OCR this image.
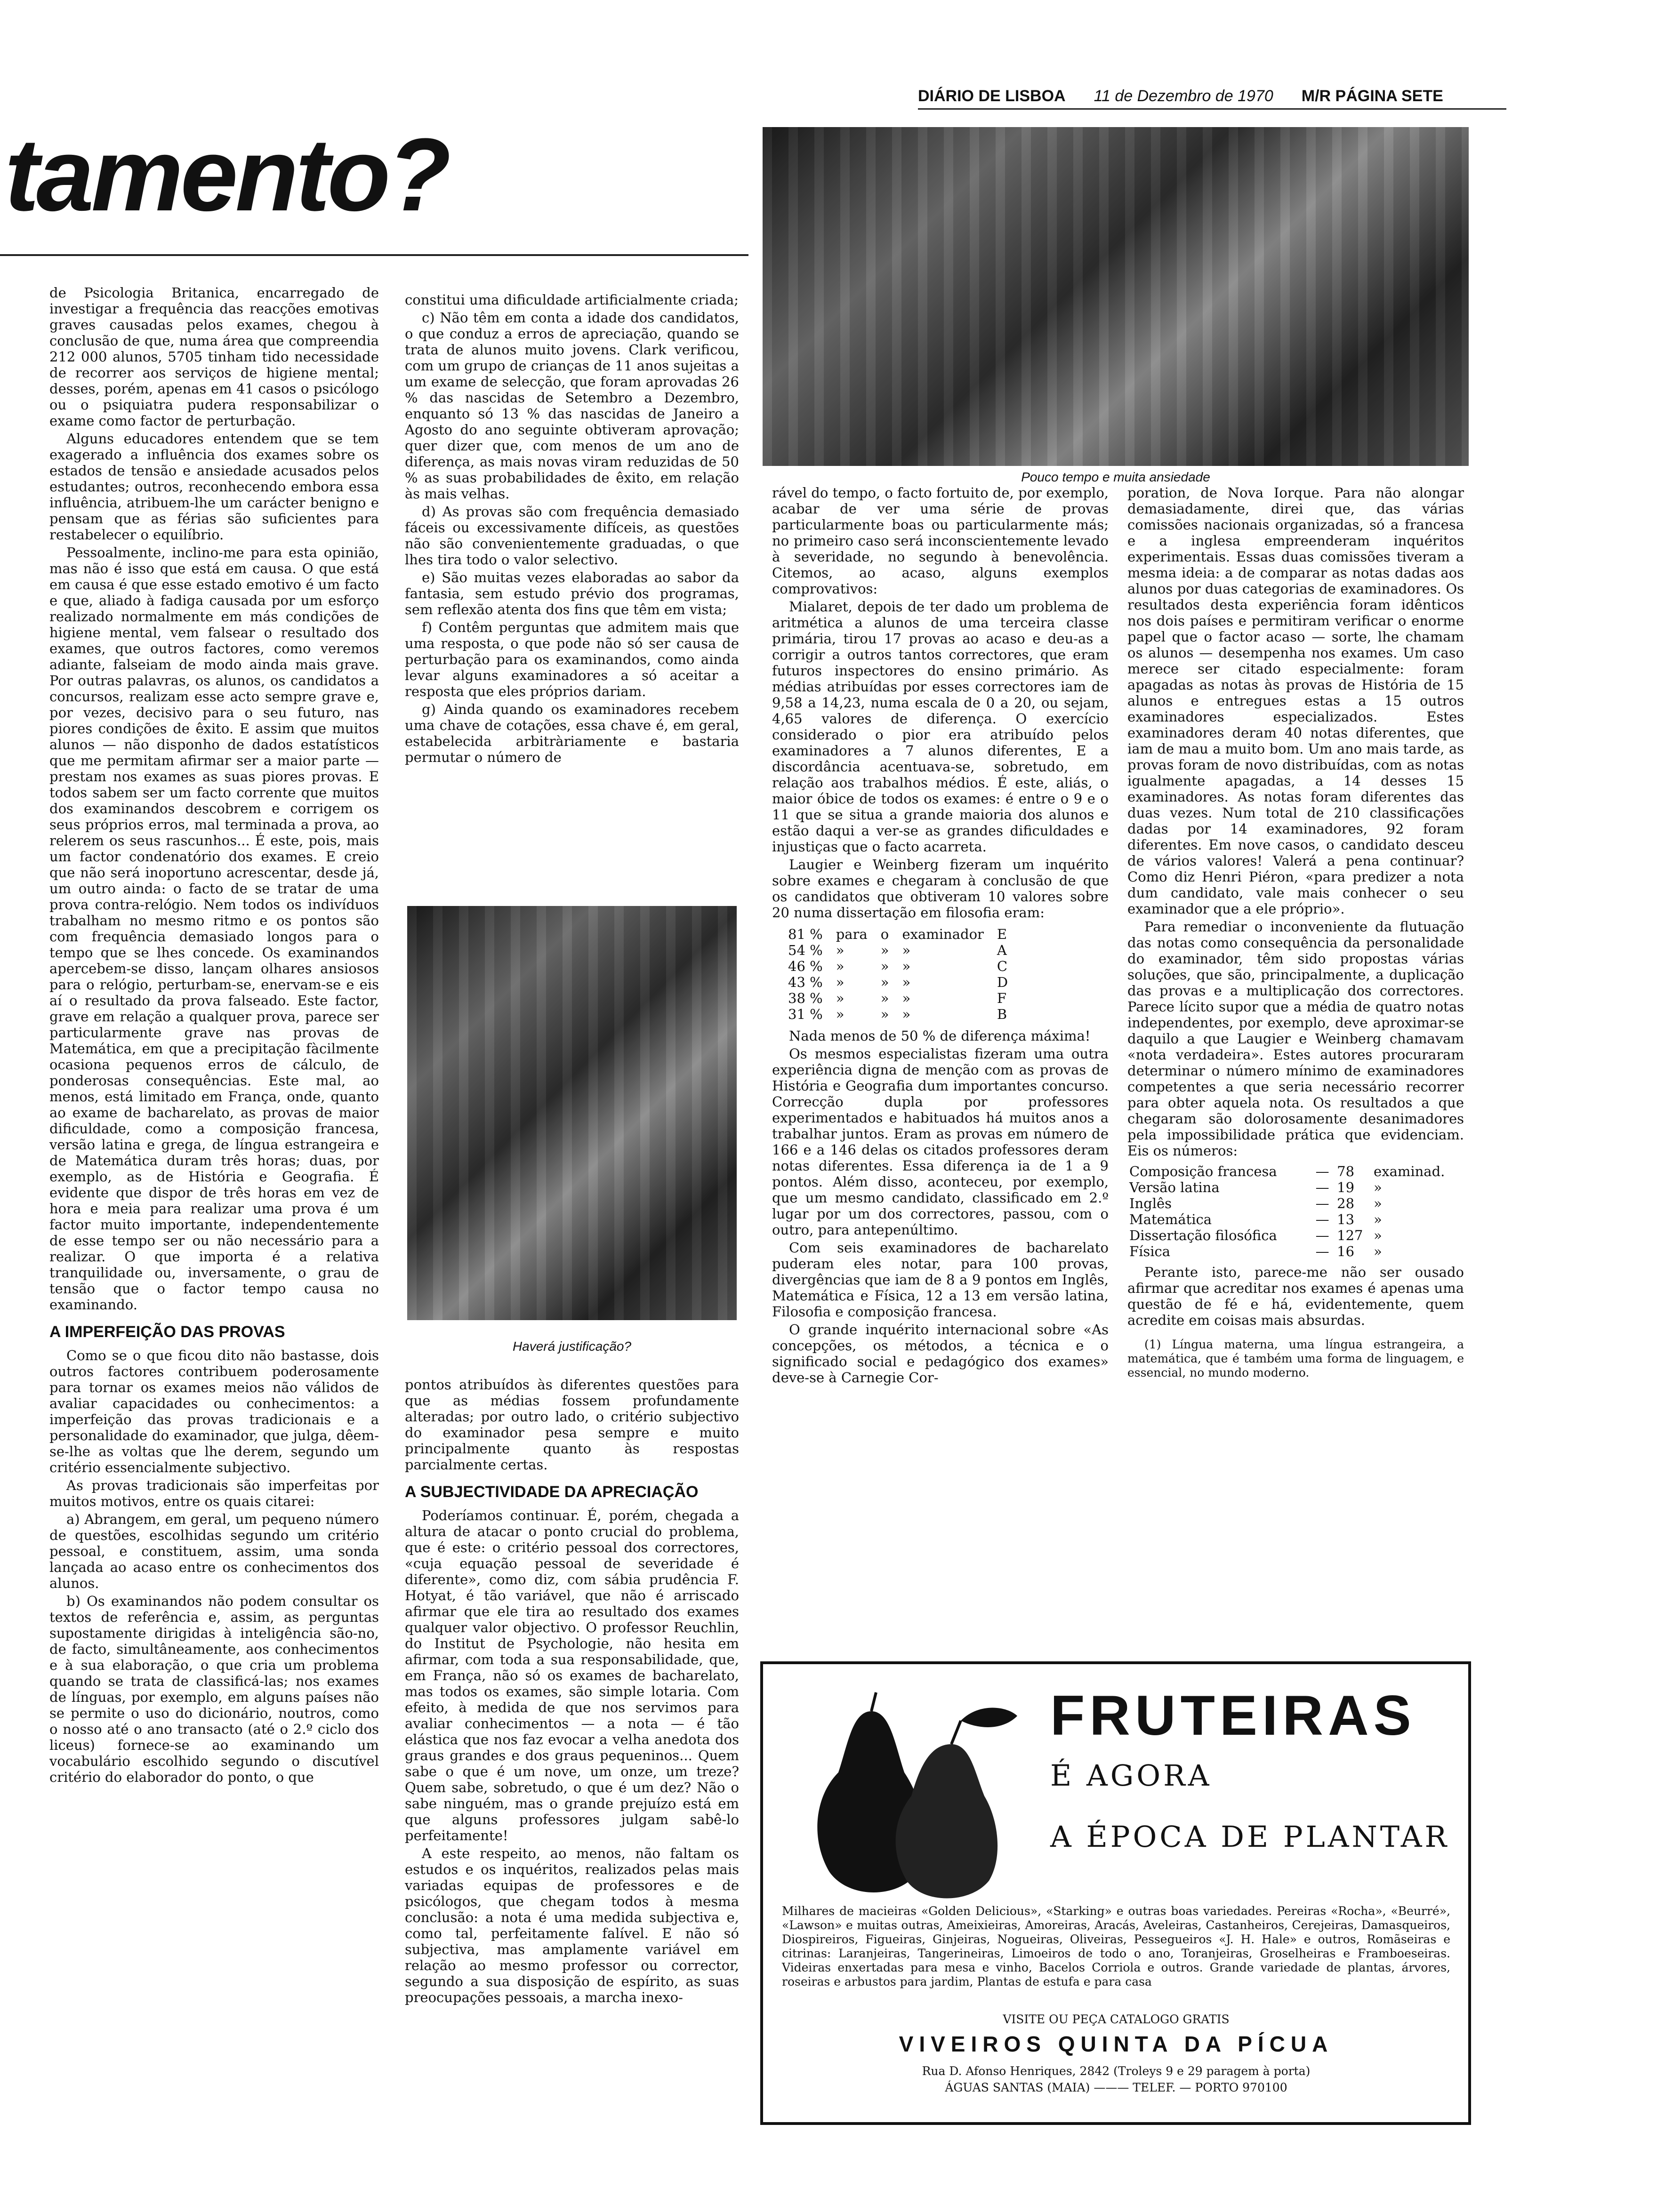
DIÁRIO DE LISBOA 11 de Dezembro de 1970 M/R PÁGINA SETE
tamento?
Pouco tempo e muita ansiedade

de Psicologia Britanica, encarregado de investigar a frequência das reacções emotivas graves causadas pelos exames, chegou à conclusão de que, numa área que compreendia 212 000 alunos, 5705 tinham tido necessidade de recorrer aos serviços de higiene mental; desses, porém, apenas em 41 casos o psicólogo ou o psiquiatra pudera responsabilizar o exame como factor de perturbação.

Alguns educadores entendem que se tem exagerado a influência dos exames sobre os estados de tensão e ansiedade acusados pelos estudantes; outros, reconhecendo embora essa influência, atribuem-lhe um carácter benigno e pensam que as férias são suficientes para restabelecer o equilíbrio.

Pessoalmente, inclino-me para esta opinião, mas não é isso que está em causa. O que está em causa é que esse estado emotivo é um facto e que, aliado à fadiga causada por um esforço realizado normalmente em más condições de higiene mental, vem falsear o resultado dos exames, que outros factores, como veremos adiante, falseiam de modo ainda mais grave. Por outras palavras, os alunos, os candidatos a concursos, realizam esse acto sempre grave e, por vezes, decisivo para o seu futuro, nas piores condições de êxito. E assim que muitos alunos — não disponho de dados estatísticos que me permitam afirmar ser a maior parte — prestam nos exames as suas piores provas. E todos sabem ser um facto corrente que muitos dos examinandos descobrem e corrigem os seus próprios erros, mal terminada a prova, ao relerem os seus rascunhos... É este, pois, mais um factor condenatório dos exames. E creio que não será inoportuno acrescentar, desde já, um outro ainda: o facto de se tratar de uma prova contra-relógio. Nem todos os indivíduos trabalham no mesmo ritmo e os pontos são com frequência demasiado longos para o tempo que se lhes concede. Os examinandos apercebem-se disso, lançam olhares ansiosos para o relógio, perturbam-se, enervam-se e eis aí o resultado da prova falseado. Este factor, grave em relação a qualquer prova, parece ser particularmente grave nas provas de Matemática, em que a precipitação fàcilmente ocasiona pequenos erros de cálculo, de ponderosas consequências. Este mal, ao menos, está limitado em França, onde, quanto ao exame de bacharelato, as provas de maior dificuldade, como a composição francesa, versão latina e grega, de língua estrangeira e de Matemática duram três horas; duas, por exemplo, as de História e Geografia. É evidente que dispor de três horas em vez de hora e meia para realizar uma prova é um factor muito importante, independentemente de esse tempo ser ou não necessário para a realizar. O que importa é a relativa tranquilidade ou, inversamente, o grau de tensão que o factor tempo causa no examinando.

A IMPERFEIÇÃO DAS PROVAS

Como se o que ficou dito não bastasse, dois outros factores contribuem poderosamente para tornar os exames meios não válidos de avaliar capacidades ou conhecimentos: a imperfeição das provas tradicionais e a personalidade do examinador, que julga, dêem-se-lhe as voltas que lhe derem, segundo um critério essencialmente subjectivo.

As provas tradicionais são imperfeitas por muitos motivos, entre os quais citarei:

a) Abrangem, em geral, um pequeno número de questões, escolhidas segundo um critério pessoal, e constituem, assim, uma sonda lançada ao acaso entre os conhecimentos dos alunos.

b) Os examinandos não podem consultar os textos de referência e, assim, as perguntas supostamente dirigidas à inteligência são-no, de facto, simultâneamente, aos conhecimentos e à sua elaboração, o que cria um problema quando se trata de classificá-las; nos exames de línguas, por exemplo, em alguns países não se permite o uso do dicionário, noutros, como o nosso até o ano transacto (até o 2.º ciclo dos liceus) fornece-se ao examinando um vocabulário escolhido segundo o discutível critério do elaborador do ponto, o que

constitui uma dificuldade artificialmente criada;

c) Não têm em conta a idade dos candidatos, o que conduz a erros de apreciação, quando se trata de alunos muito jovens. Clark verificou, com um grupo de crianças de 11 anos sujeitas a um exame de selecção, que foram aprovadas 26 % das nascidas de Setembro a Dezembro, enquanto só 13 % das nascidas de Janeiro a Agosto do ano seguinte obtiveram aprovação; quer dizer que, com menos de um ano de diferença, as mais novas viram reduzidas de 50 % as suas probabilidades de êxito, em relação às mais velhas.

d) As provas são com frequência demasiado fáceis ou excessivamente difíceis, as questões não são convenientemente graduadas, o que lhes tira todo o valor selectivo.

e) São muitas vezes elaboradas ao sabor da fantasia, sem estudo prévio dos programas, sem reflexão atenta dos fins que têm em vista;

f) Contêm perguntas que admitem mais que uma resposta, o que pode não só ser causa de perturbação para os examinandos, como ainda levar alguns examinadores a só aceitar a resposta que eles próprios dariam.

g) Ainda quando os examinadores recebem uma chave de cotações, essa chave é, em geral, estabelecida arbitràriamente e bastaria permutar o número de

Haverá justificação?

pontos atribuídos às diferentes questões para que as médias fossem profundamente alteradas; por outro lado, o critério subjectivo do examinador pesa sempre e muito principalmente quanto às respostas parcialmente certas.

A SUBJECTIVIDADE DA APRECIAÇÃO

Poderíamos continuar. É, porém, chegada a altura de atacar o ponto crucial do problema, que é este: o critério pessoal dos correctores, «cuja equação pessoal de severidade é diferente», como diz, com sábia prudência F. Hotyat, é tão variável, que não é arriscado afirmar que ele tira ao resultado dos exames qualquer valor objectivo. O professor Reuchlin, do Institut de Psychologie, não hesita em afirmar, com toda a sua responsabilidade, que, em França, não só os exames de bacharelato, mas todos os exames, são simple lotaria. Com efeito, à medida de que nos servimos para avaliar conhecimentos — a nota — é tão elástica que nos faz evocar a velha anedota dos graus grandes e dos graus pequeninos... Quem sabe o que é um nove, um onze, um treze? Quem sabe, sobretudo, o que é um dez? Não o sabe ninguém, mas o grande prejuízo está em que alguns professores julgam sabê-lo perfeitamente!

A este respeito, ao menos, não faltam os estudos e os inquéritos, realizados pelas mais variadas equipas de professores e de psicólogos, que chegam todos à mesma conclusão: a nota é uma medida subjectiva e, como tal, perfeitamente falível. E não só subjectiva, mas amplamente variável em relação ao mesmo professor ou corrector, segundo a sua disposição de espírito, as suas preocupações pessoais, a marcha inexo-

rável do tempo, o facto fortuito de, por exemplo, acabar de ver uma série de provas particularmente boas ou particularmente más; no primeiro caso será inconscientemente levado à severidade, no segundo à benevolência. Citemos, ao acaso, alguns exemplos comprovativos:

Mialaret, depois de ter dado um problema de aritmética a alunos de uma terceira classe primária, tirou 17 provas ao acaso e deu-as a corrigir a outros tantos correctores, que eram futuros inspectores do ensino primário. As médias atribuídas por esses correctores iam de 9,58 a 14,23, numa escala de 0 a 20, ou sejam, 4,65 valores de diferença. O exercício considerado o pior era atribuído pelos examinadores a 7 alunos diferentes, E a discordância acentuava-se, sobretudo, em relação aos trabalhos médios. É este, aliás, o maior óbice de todos os exames: é entre o 9 e o 11 que se situa a grande maioria dos alunos e estão daqui a ver-se as grandes dificuldades e injustiças que o facto acarreta.

Laugier e Weinberg fizeram um inquérito sobre exames e chegaram à conclusão de que os candidatos que obtiveram 10 valores sobre 20 numa dissertação em filosofia eram:

81 %	para	o	examinador	E
54 %	»	»	»	A
46 %	»	»	»	C
43 %	»	»	»	D
38 %	»	»	»	F
31 %	»	»	»	B

Nada menos de 50 % de diferença máxima!

Os mesmos especialistas fizeram uma outra experiência digna de menção com as provas de História e Geografia dum importantes concurso. Correcção dupla por professores experimentados e habituados há muitos anos a trabalhar juntos. Eram as provas em número de 166 e a 146 delas os citados professores deram notas diferentes. Essa diferença ia de 1 a 9 pontos. Além disso, aconteceu, por exemplo, que um mesmo candidato, classificado em 2.º lugar por um dos correctores, passou, com o outro, para antepenúltimo.

Com seis examinadores de bacharelato puderam eles notar, para 100 provas, divergências que iam de 8 a 9 pontos em Inglês, Matemática e Física, 12 a 13 em versão latina, Filosofia e composição francesa.

O grande inquérito internacional sobre «As concepções, os métodos, a técnica e o significado social e pedagógico dos exames» deve-se à Carnegie Cor-

poration, de Nova Iorque. Para não alongar demasiadamente, direi que, das várias comissões nacionais organizadas, só a francesa e a inglesa empreenderam inquéritos experimentais. Essas duas comissões tiveram a mesma ideia: a de comparar as notas dadas aos alunos por duas categorias de examinadores. Os resultados desta experiência foram idênticos nos dois países e permitiram verificar o enorme papel que o factor acaso — sorte, lhe chamam os alunos — desempenha nos exames. Um caso merece ser citado especialmente: foram apagadas as notas às provas de História de 15 alunos e entregues estas a 15 outros examinadores especializados. Estes examinadores deram 40 notas diferentes, que iam de mau a muito bom. Um ano mais tarde, as provas foram de novo distribuídas, com as notas igualmente apagadas, a 14 desses 15 examinadores. As notas foram diferentes das duas vezes. Num total de 210 classificações dadas por 14 examinadores, 92 foram diferentes. Em nove casos, o candidato desceu de vários valores! Valerá a pena continuar? Como diz Henri Piéron, «para predizer a nota dum candidato, vale mais conhecer o seu examinador que a ele próprio».

Para remediar o inconveniente da flutuação das notas como consequência da personalidade do examinador, têm sido propostas várias soluções, que são, principalmente, a duplicação das provas e a multiplicação dos correctores. Parece lícito supor que a média de quatro notas independentes, por exemplo, deve aproximar-se daquilo a que Laugier e Weinberg chamavam «nota verdadeira». Estes autores procuraram determinar o número mínimo de examinadores competentes a que seria necessário recorrer para obter aquela nota. Os resultados a que chegaram são dolorosamente desanimadores pela impossibilidade prática que evidenciam. Eis os números:

Composição francesa	—	78	examinad.
Versão latina	—	19	»
Inglês	—	28	»
Matemática	—	13	»
Dissertação filosófica	—	127	»
Física	—	16	»

Perante isto, parece-me não ser ousado afirmar que acreditar nos exames é apenas uma questão de fé e há, evidentemente, quem acredite em coisas mais absurdas.

(1) Língua materna, uma língua estrangeira, a matemática, que é também uma forma de linguagem, e essencial, no mundo moderno.

FRUTEIRAS
É AGORA
A ÉPOCA DE PLANTAR
Milhares de macieiras «Golden Delicious», «Starking» e outras boas variedades. Pereiras «Rocha», «Beurré», «Lawson» e muitas outras, Ameixieiras, Amoreiras, Aracás, Aveleiras, Castanheiros, Cerejeiras, Damasqueiros, Diospireiros, Figueiras, Ginjeiras, Nogueiras, Oliveiras, Pessegueiros «J. H. Hale» e outros, Romãseiras e citrinas: Laranjeiras, Tangerineiras, Limoeiros de todo o ano, Toranjeiras, Groselheiras e Framboeseiras. Videiras enxertadas para mesa e vinho, Bacelos Corriola e outros. Grande variedade de plantas, árvores, roseiras e arbustos para jardim, Plantas de estufa e para casa
VISITE OU PEÇA CATALOGO GRATIS
VIVEIROS QUINTA DA PÍCUA
Rua D. Afonso Henriques, 2842 (Troleys 9 e 29 paragem à porta)
ÁGUAS SANTAS (MAIA) ——— TELEF. — PORTO 970100
